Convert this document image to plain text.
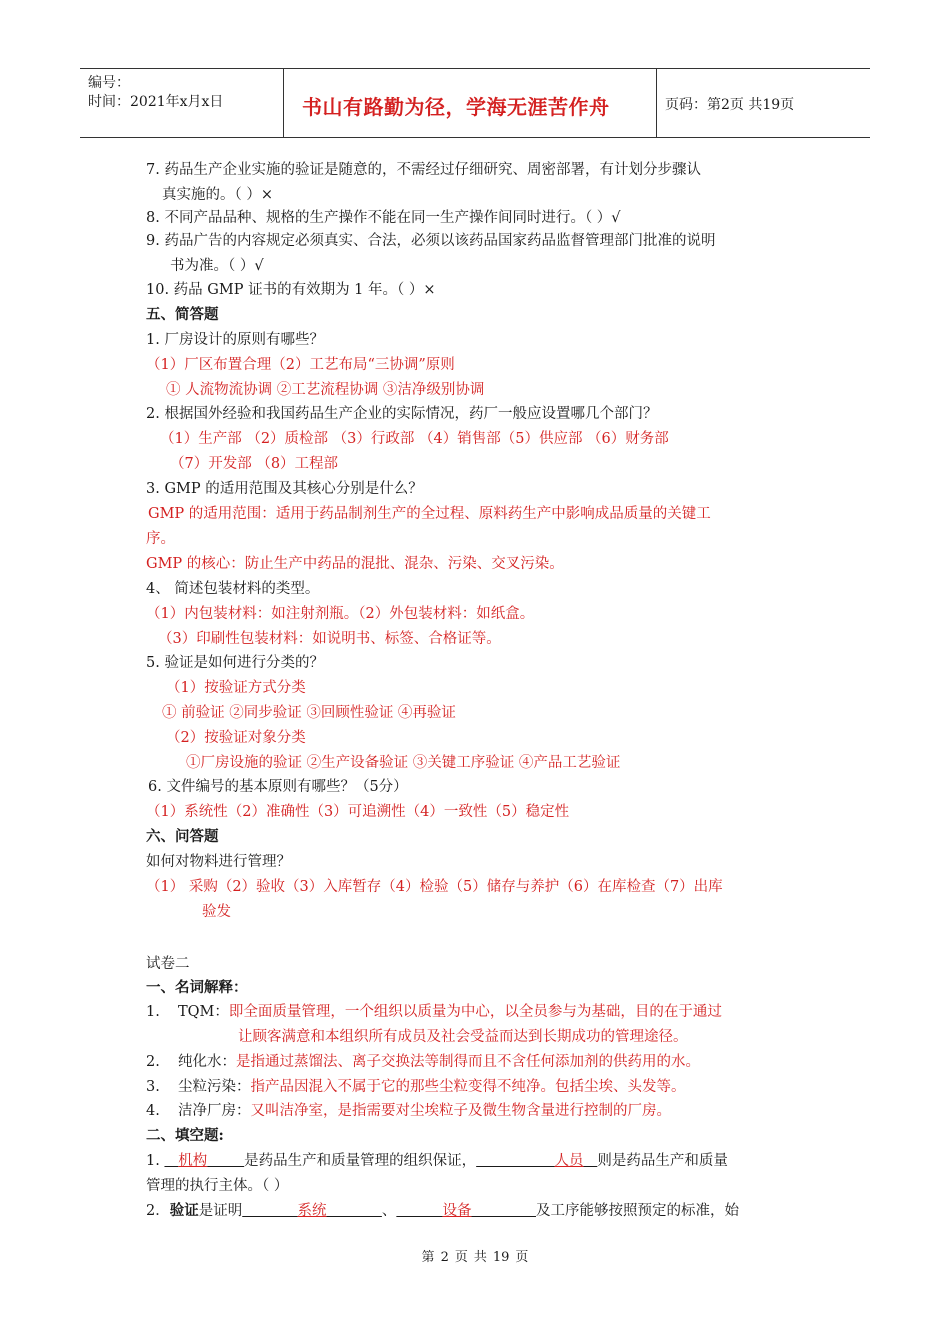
编号：
时间：2021年x月x日	书山有路勤为径，学海无涯苦作舟	页码：第2页 共19页
7. 药品生产企业实施的验证是随意的，不需经过仔细研究、周密部署，有计划分步骤认
真实施的。（ ）×
8. 不同产品品种、规格的生产操作不能在同一生产操作间同时进行。（ ）√
9. 药品广告的内容规定必须真实、合法，必须以该药品国家药品监督管理部门批准的说明
书为准。（ ）√
10. 药品 GMP 证书的有效期为 1 年。（ ）×
五、简答题
1. 厂房设计的原则有哪些？
（1）厂区布置合理（2）工艺布局“三协调”原则
① 人流物流协调 ②工艺流程协调 ③洁净级别协调
2. 根据国外经验和我国药品生产企业的实际情况，药厂一般应设置哪几个部门？
（1）生产部 （2）质检部 （3）行政部 （4）销售部（5）供应部 （6）财务部
（7）开发部 （8）工程部
3. GMP 的适用范围及其核心分别是什么？
GMP 的适用范围：适用于药品制剂生产的全过程、原料药生产中影响成品质量的关键工
序。
GMP 的核心：防止生产中药品的混批、混杂、污染、交叉污染。
4、 简述包装材料的类型。
（1）内包装材料：如注射剂瓶。（2）外包装材料：如纸盒。
（3）印刷性包装材料：如说明书、标签、合格证等。
5. 验证是如何进行分类的？
（1）按验证方式分类
① 前验证 ②同步验证 ③回顾性验证 ④再验证
（2）按验证对象分类
①厂房设施的验证 ②生产设备验证 ③关键工序验证 ④产品工艺验证
6. 文件编号的基本原则有哪些？（5分）
（1）系统性（2）准确性（3）可追溯性（4）一致性（5）稳定性
六、问答题
如何对物料进行管理？
（1） 采购（2）验收（3）入库暂存（4）检验（5）储存与养护（6）在库检查（7）出库
验发
试卷二
一、名词解释：
1. TQM：即全面质量管理，一个组织以质量为中心，以全员参与为基础，目的在于通过
让顾客满意和本组织所有成员及社会受益而达到长期成功的管理途径。
2. 纯化水：是指通过蒸馏法、离子交换法等制得而且不含任何添加剂的供药用的水。
3. 尘粒污染：指产品因混入不属于它的那些尘粒变得不纯净。包括尘埃、头发等。
4. 洁净厂房：又叫洁净室，是指需要对尘埃粒子及微生物含量进行控制的厂房。
二、填空题:
1.    机构	是药品生产和质量管理的组织保证，	人员 则是药品生产和质量
管理的执行主体。（ ）
2．验证是证明	系统	、	设备	及工序能够按照预定的标准，始
第 2 页 共 19 页
